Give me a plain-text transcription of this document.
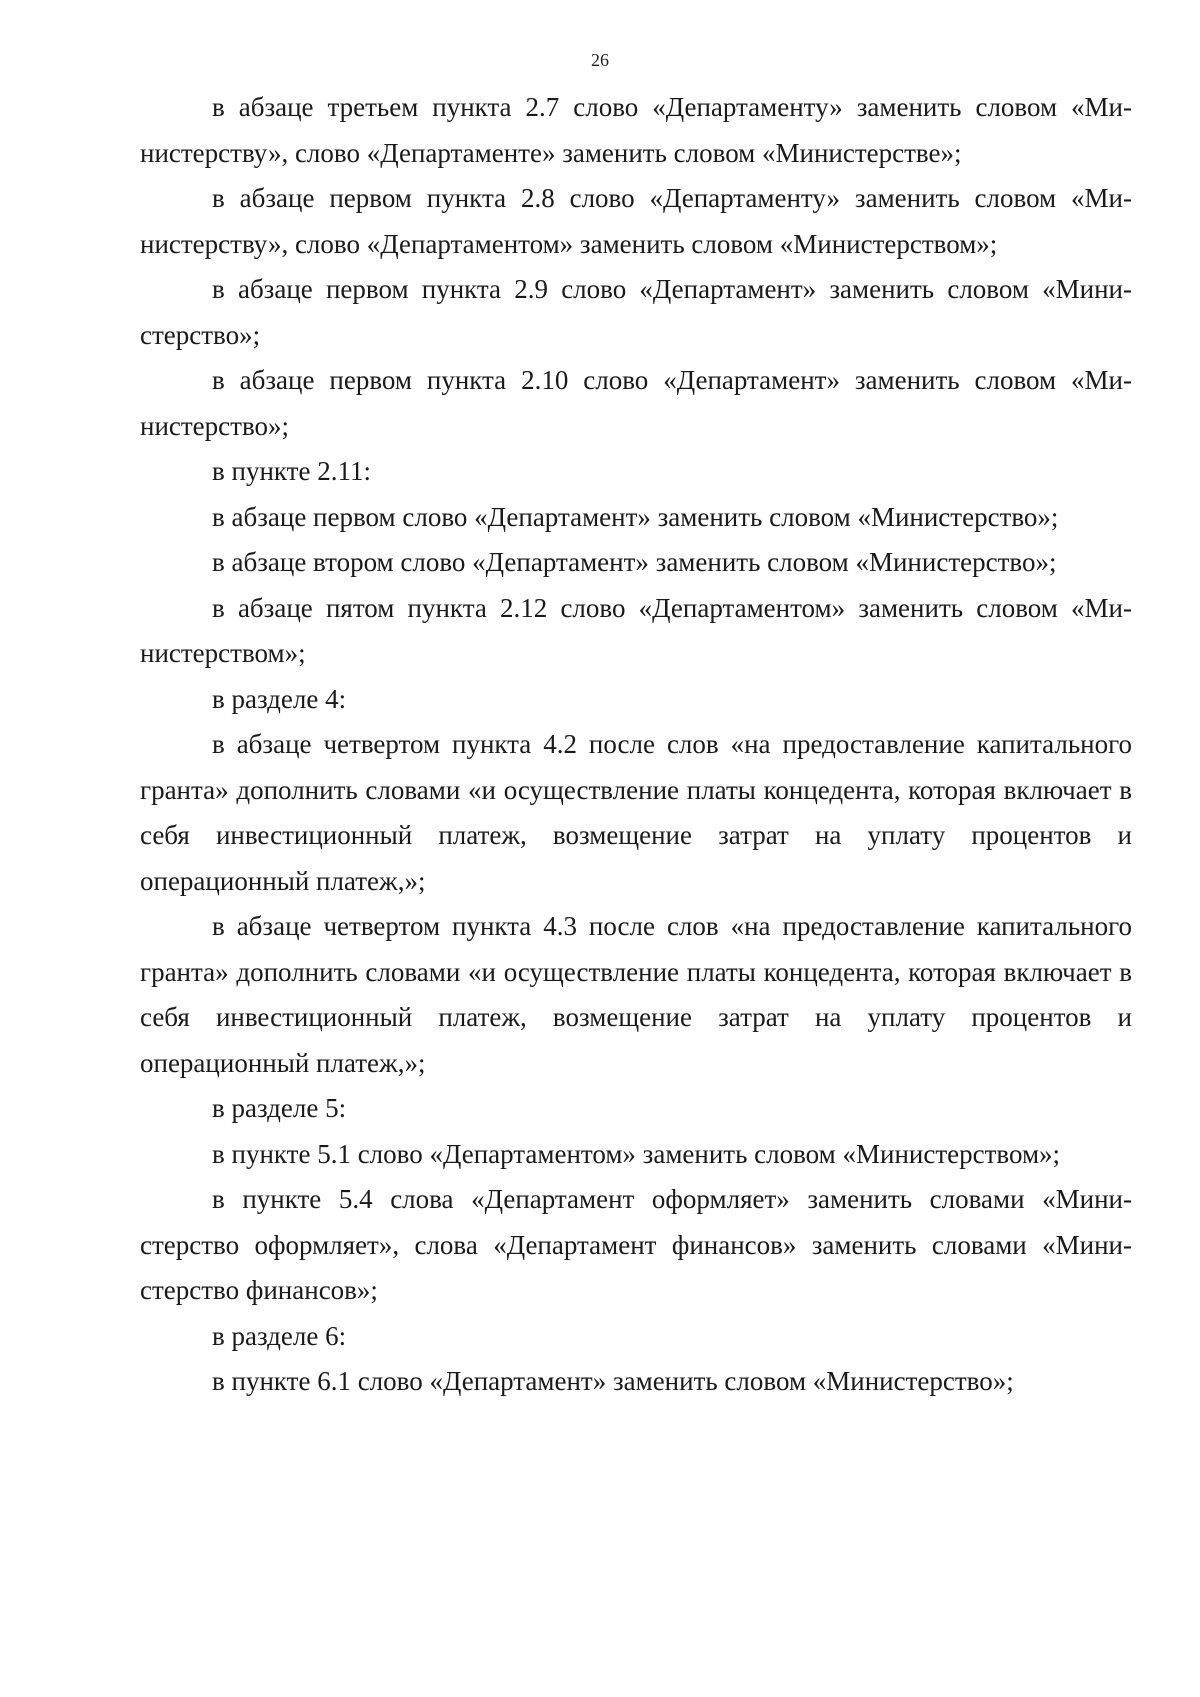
26

в абзаце третьем пункта 2.7 слово «Департаменту» заменить словом «Министерству», слово «Департаменте» заменить словом «Министерстве»;

в абзаце первом пункта 2.8 слово «Департаменту» заменить словом «Министерству», слово «Департаментом» заменить словом «Министерством»;

в абзаце первом пункта 2.9 слово «Департамент» заменить словом «Министерство»;

в абзаце первом пункта 2.10 слово «Департамент» заменить словом «Министерство»;

в пункте 2.11:

в абзаце первом слово «Департамент» заменить словом «Министерство»;

в абзаце втором слово «Департамент» заменить словом «Министерство»;

в абзаце пятом пункта 2.12 слово «Департаментом» заменить словом «Министерством»;

в разделе 4:

в абзаце четвертом пункта 4.2 после слов «на предоставление капитального гранта» дополнить словами «и осуществление платы концедента, которая включает в себя инвестиционный платеж, возмещение затрат на уплату процентов и операционный платеж,»;

в абзаце четвертом пункта 4.3 после слов «на предоставление капитального гранта» дополнить словами «и осуществление платы концедента, которая включает в себя инвестиционный платеж, возмещение затрат на уплату процентов и операционный платеж,»;

в разделе 5:

в пункте 5.1 слово «Департаментом» заменить словом «Министерством»;

в пункте 5.4 слова «Департамент оформляет» заменить словами «Министерство оформляет», слова «Департамент финансов» заменить словами «Министерство финансов»;

в разделе 6:

в пункте 6.1 слово «Департамент» заменить словом «Министерство»;
